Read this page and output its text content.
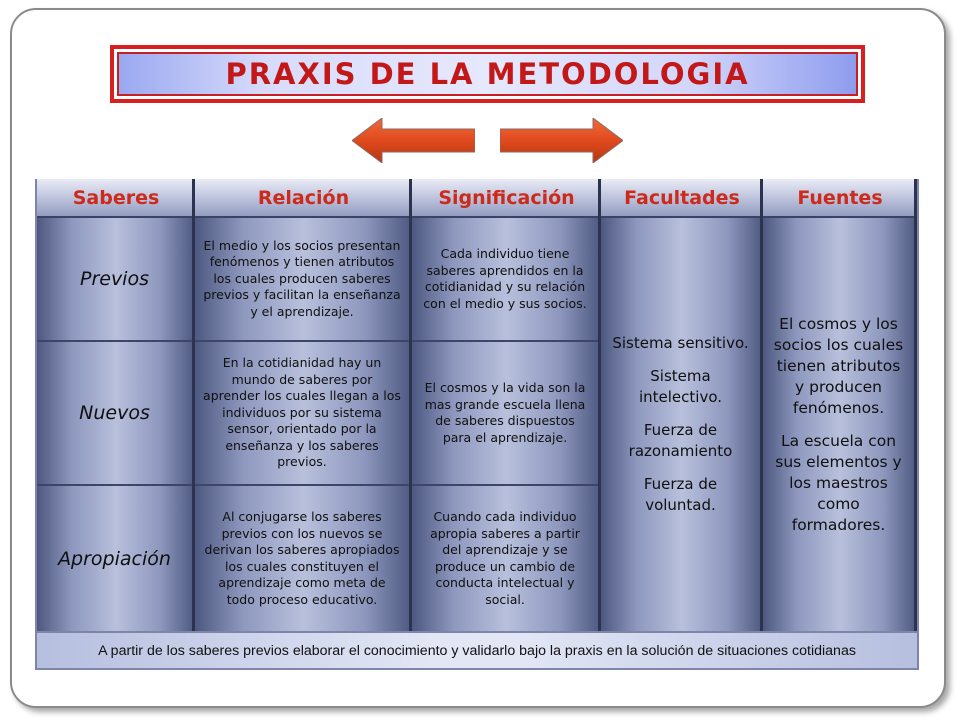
PRAXIS DE LA METODOLOGIA
Saberes
Previos
Nuevos
Apropiación
Relación
El medio y los socios presentan fenómenos y tienen atributos los cuales producen saberes previos y facilitan la enseñanza y el aprendizaje.
En la cotidianidad hay un mundo de saberes por aprender los cuales llegan a los individuos por su sistema sensor, orientado por la enseñanza y los saberes previos.
Al conjugarse los saberes previos con los nuevos se derivan los saberes apropiados los cuales constituyen el aprendizaje como meta de todo proceso educativo.
Significación
Cada individuo tiene saberes aprendidos en la cotidianidad y su relación con el medio y sus socios.
El cosmos y la vida son la mas grande escuela llena de saberes dispuestos para el aprendizaje.
Cuando cada individuo apropia saberes a partir del aprendizaje y se produce un cambio de conducta intelectual y social.
Facultades

Sistema sensitivo.

Sistema intelectivo.

Fuerza de razonamiento

Fuerza de voluntad.

Fuentes

El cosmos y los socios los cuales tienen atributos y producen fenómenos.

La escuela con sus elementos y los maestros como formadores.

A partir de los saberes previos elaborar el conocimiento y validarlo bajo la praxis en la solución de situaciones cotidianas
